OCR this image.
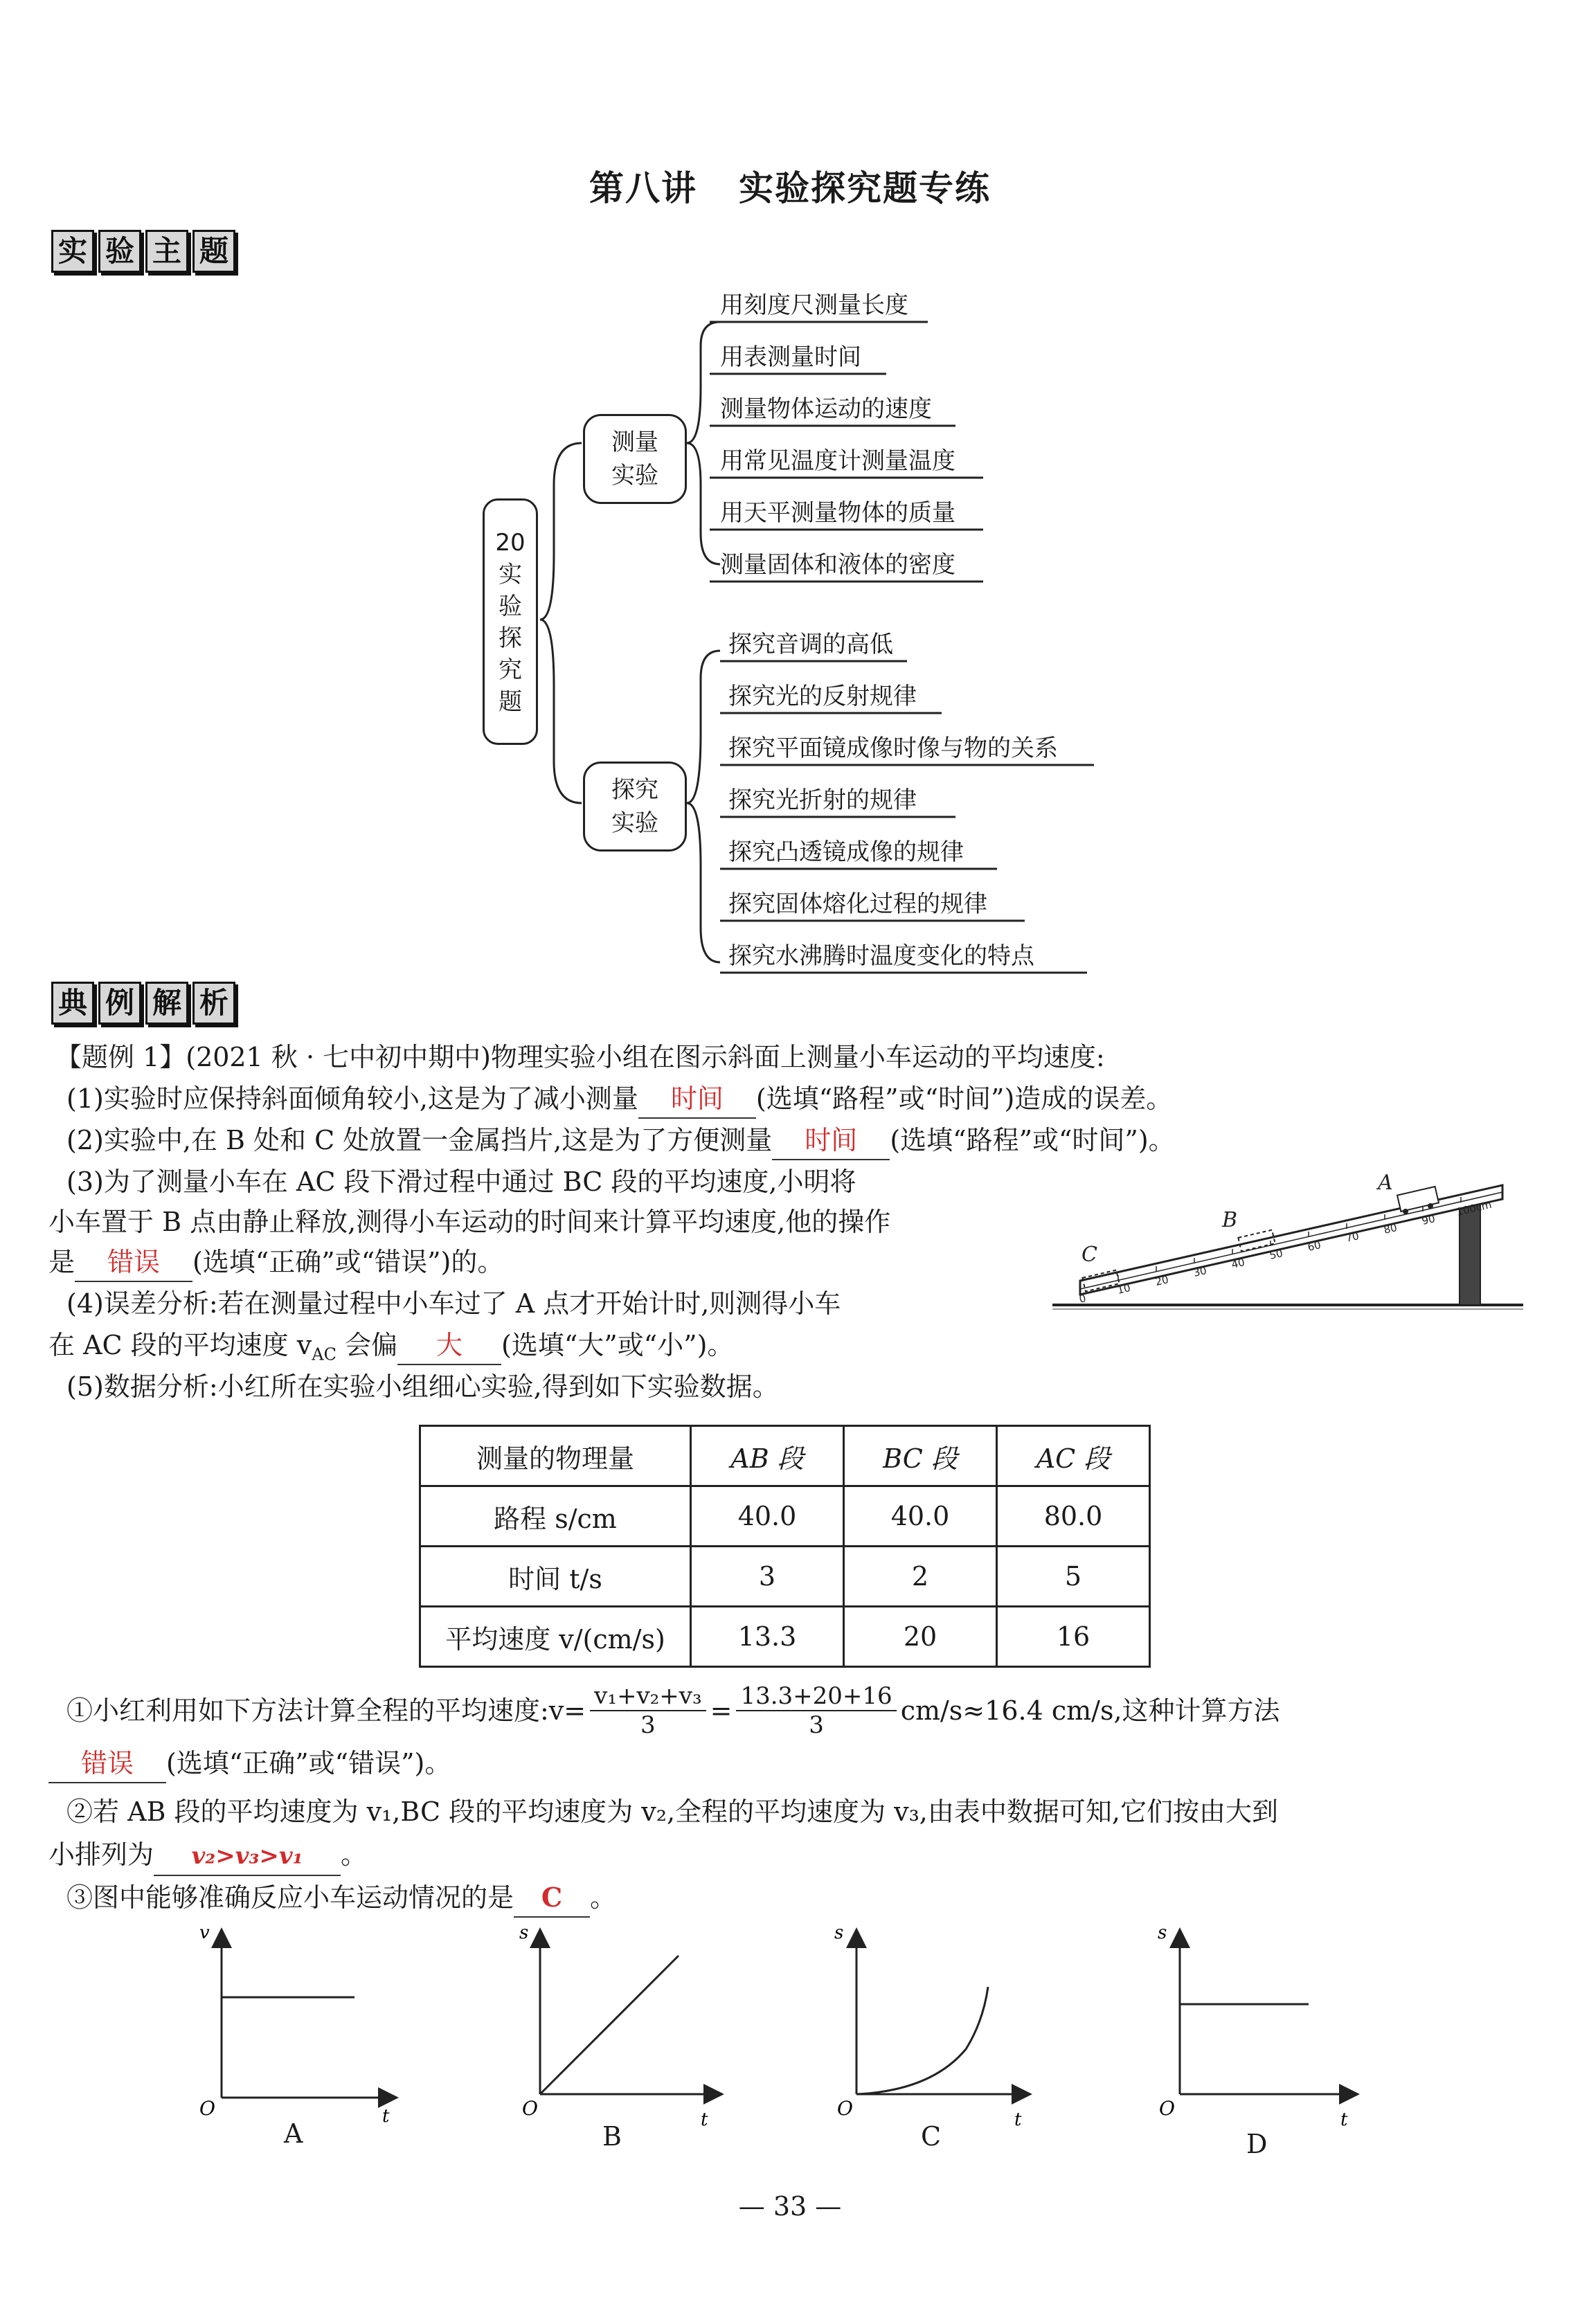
第八讲 实验探究题专练
实 验 主 题
20
实
验
探
究
题
测量
实验
探究
实验
用刻度尺测量长度
用表测量时间
测量物体运动的速度
用常见温度计测量温度
用天平测量物体的质量
测量固体和液体的密度
探究音调的高低
探究光的反射规律
探究平面镜成像时像与物的关系
探究光折射的规律
探究凸透镜成像的规律
探究固体熔化过程的规律
探究水沸腾时温度变化的特点
典 例 解 析
【题例 1】(2021 秋 · 七中初中期中)物理实验小组在图示斜面上测量小车运动的平均速度:
(1)实验时应保持斜面倾角较小,这是为了减小测量 时间 (选填“路程”或“时间”)造成的误差。
(2)实验中,在 B 处和 C 处放置一金属挡片,这是为了方便测量 时间 (选填“路程”或“时间”)。
(3)为了测量小车在 AC 段下滑过程中通过 BC 段的平均速度,小明将
小车置于 B 点由静止释放,测得小车运动的时间来计算平均速度,他的操作
是 错误 (选填“正确”或“错误”)的。
(4)误差分析:若在测量过程中小车过了 A 点才开始计时,则测得小车
在 AC 段的平均速度 $v_{AC}$ 会偏 大 (选填“大”或“小”)。
(5)数据分析:小红所在实验小组细心实验,得到如下实验数据。
0
10
20
30
40
50
60
70
80
90
100cm
A
B
C
测量的物理量	AB 段	BC 段	AC 段
路程 s/cm	40.0	40.0	80.0
时间 t/s	3	2	5
平均速度 v/(cm/s)	13.3	20	16
①小红利用如下方法计算全程的平均速度:v= $\frac{\text{v₁+v₂+v₃}}{3} = \frac{13.3+20+16}{3} cm/s\approx 16.4$ cm/s,这种计算方法
错误 (选填“正确”或“错误”)。
②若 AB 段的平均速度为 v₁,BC 段的平均速度为 v₂,全程的平均速度为 v₃,由表中数据可知,它们按由大到
小排列为 v₂>v₃>v₁ 。
③图中能够准确反应小车运动情况的是 C 。
v
O	t
A
s
O	t
B
s
O	t
C
s
O	t
D
— 33 —
